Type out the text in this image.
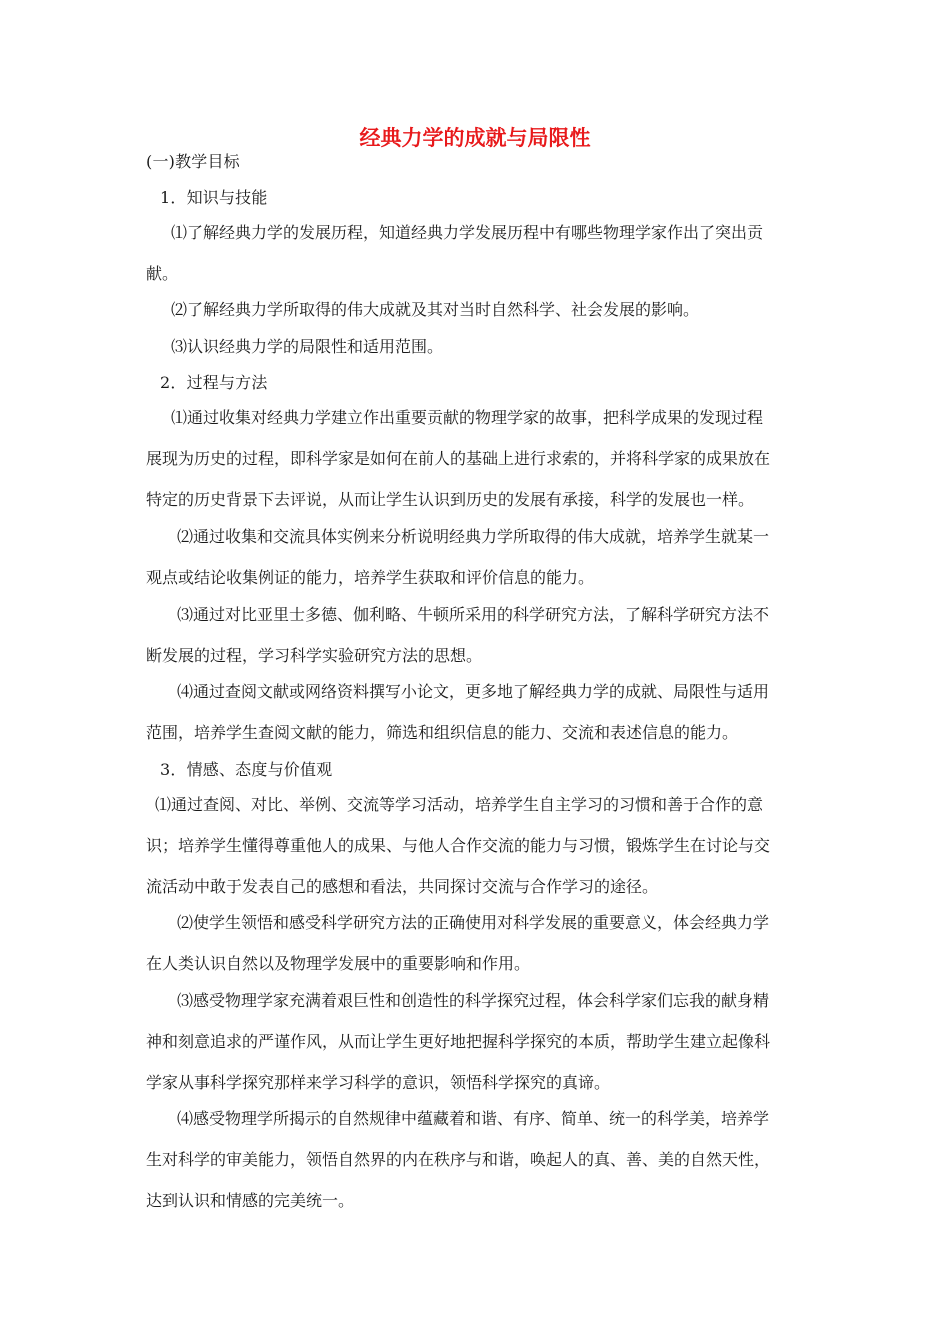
经典力学的成就与局限性
(一)教学目标
1．知识与技能
⑴了解经典力学的发展历程，知道经典力学发展历程中有哪些物理学家作出了突出贡
献。
⑵了解经典力学所取得的伟大成就及其对当时自然科学、社会发展的影响。
⑶认识经典力学的局限性和适用范围。
2．过程与方法
⑴通过收集对经典力学建立作出重要贡献的物理学家的故事，把科学成果的发现过程
展现为历史的过程，即科学家是如何在前人的基础上进行求索的，并将科学家的成果放在
特定的历史背景下去评说，从而让学生认识到历史的发展有承接，科学的发展也一样。
⑵通过收集和交流具体实例来分析说明经典力学所取得的伟大成就，培养学生就某一
观点或结论收集例证的能力，培养学生获取和评价信息的能力。
⑶通过对比亚里士多德、伽利略、牛顿所采用的科学研究方法，了解科学研究方法不
断发展的过程，学习科学实验研究方法的思想。
⑷通过查阅文献或网络资料撰写小论文，更多地了解经典力学的成就、局限性与适用
范围，培养学生查阅文献的能力，筛选和组织信息的能力、交流和表述信息的能力。
3．情感、态度与价值观
⑴通过查阅、对比、举例、交流等学习活动，培养学生自主学习的习惯和善于合作的意
识；培养学生懂得尊重他人的成果、与他人合作交流的能力与习惯，锻炼学生在讨论与交
流活动中敢于发表自己的感想和看法，共同探讨交流与合作学习的途径。
⑵使学生领悟和感受科学研究方法的正确使用对科学发展的重要意义，体会经典力学
在人类认识自然以及物理学发展中的重要影响和作用。
⑶感受物理学家充满着艰巨性和创造性的科学探究过程，体会科学家们忘我的献身精
神和刻意追求的严谨作风，从而让学生更好地把握科学探究的本质，帮助学生建立起像科
学家从事科学探究那样来学习科学的意识，领悟科学探究的真谛。
⑷感受物理学所揭示的自然规律中蕴藏着和谐、有序、简单、统一的科学美，培养学
生对科学的审美能力，领悟自然界的内在秩序与和谐，唤起人的真、善、美的自然天性，
达到认识和情感的完美统一。
